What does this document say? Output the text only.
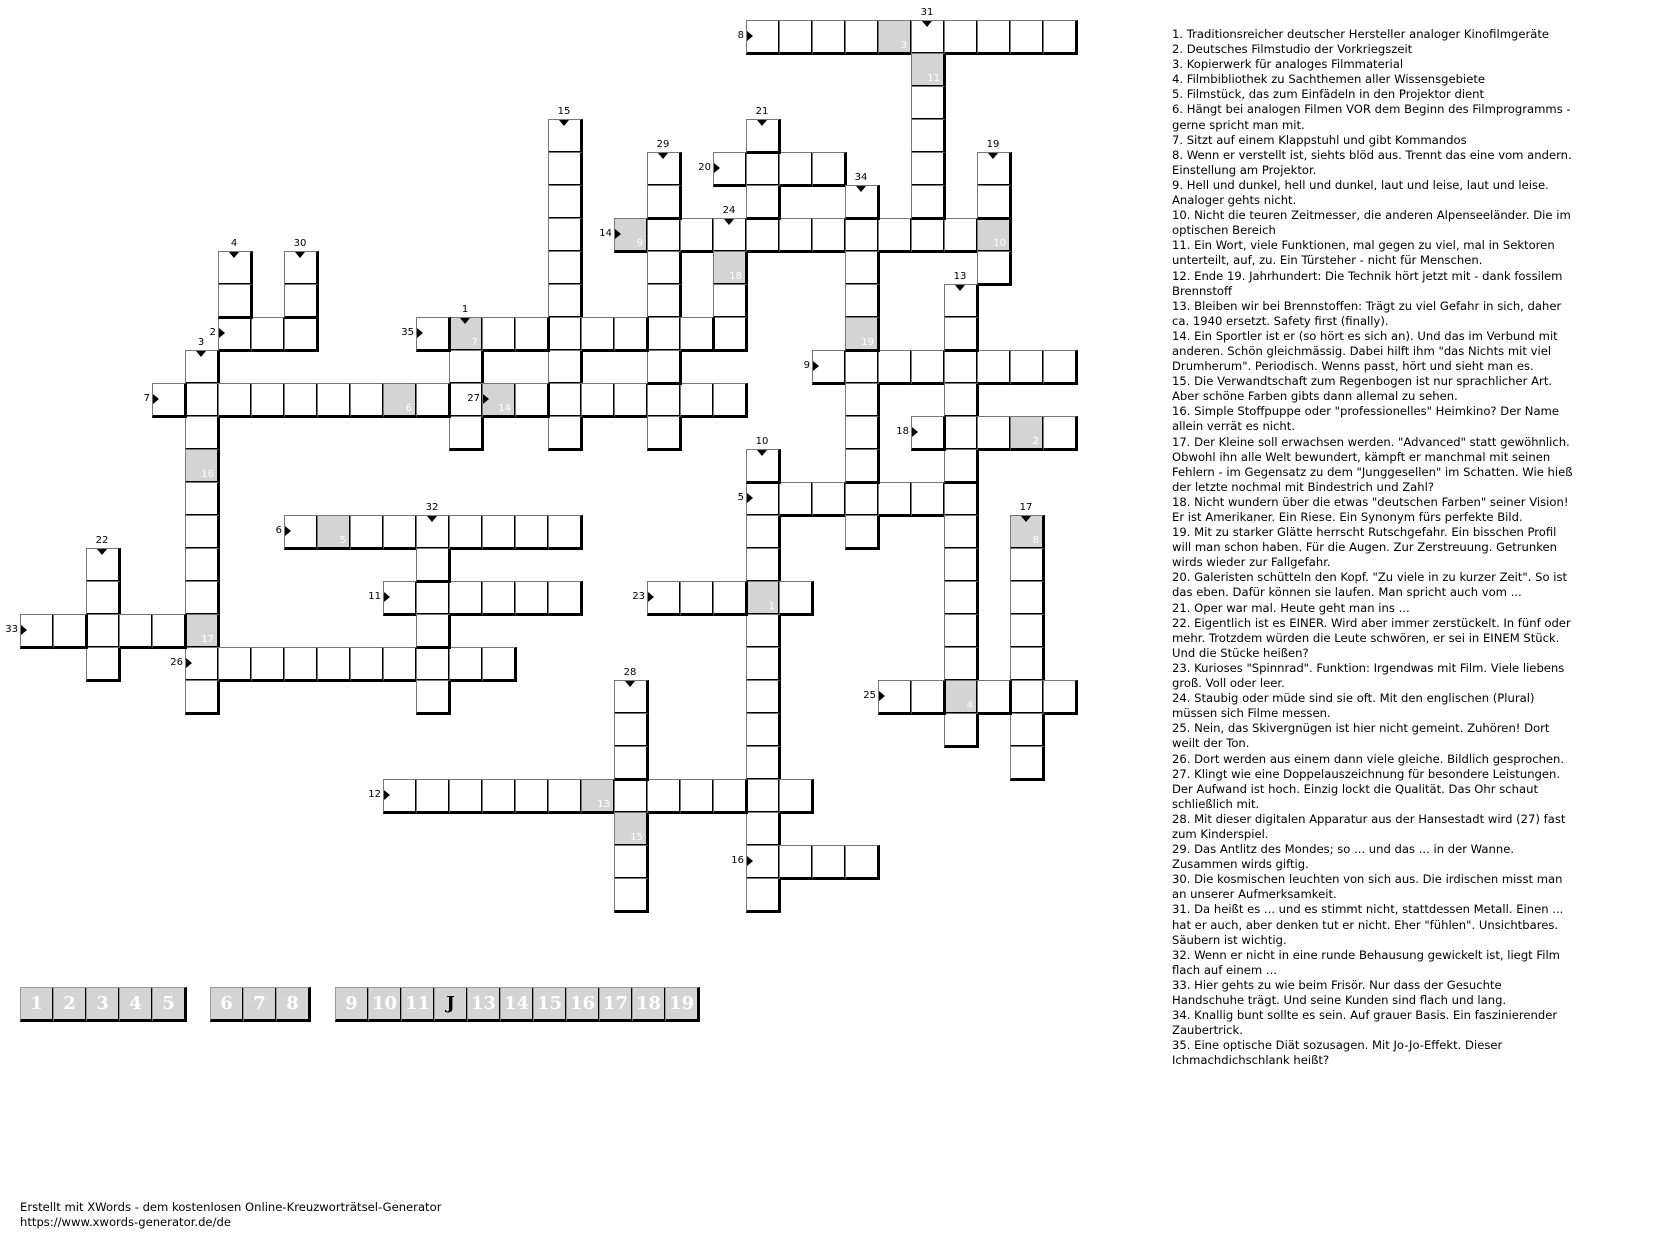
7
16
17
5
6
3
1
13
4
9	10
8
2
18
14
15
11
19
1
2
3
4
5
6
7
8
9
10
11
12
13
14
15
16
17
18
19
20
21
22
23
24
25
26
27
28
29
30
31
32
33
34
35
1	2	3	4	5	6	7	8	9 10 11 J 13 14 15 16 17 18 19
1. Traditionsreicher deutscher Hersteller analoger Kinofilmgeräte
2. Deutsches Filmstudio der Vorkriegszeit
3. Kopierwerk für analoges Filmmaterial
4. Filmbibliothek zu Sachthemen aller Wissensgebiete
5. Filmstück, das zum Einfädeln in den Projektor dient
6. Hängt bei analogen Filmen VOR dem Beginn des Filmprogramms - gerne spricht man mit.
7. Sitzt auf einem Klappstuhl und gibt Kommandos
8. Wenn er verstellt ist, siehts blöd aus. Trennt das eine vom andern. Einstellung am Projektor.
9. Hell und dunkel, hell und dunkel, laut und leise, laut und leise. Analoger gehts nicht.
10. Nicht die teuren Zeitmesser, die anderen Alpenseeländer. Die im optischen Bereich
11. Ein Wort, viele Funktionen, mal gegen zu viel, mal in Sektoren unterteilt, auf, zu. Ein Türsteher - nicht für Menschen.
12. Ende 19. Jahrhundert: Die Technik hört jetzt mit - dank fossilem Brennstoff
13. Bleiben wir bei Brennstoffen: Trägt zu viel Gefahr in sich, daher ca. 1940 ersetzt. Safety first (finally).
14. Ein Sportler ist er (so hört es sich an). Und das im Verbund mit anderen. Schön gleichmässig. Dabei hilft ihm "das Nichts mit viel Drumherum". Periodisch. Wenns passt, hört und sieht man es.
15. Die Verwandtschaft zum Regenbogen ist nur sprachlicher Art. Aber schöne Farben gibts dann allemal zu sehen.
16. Simple Stoffpuppe oder "professionelles" Heimkino? Der Name allein verrät es nicht.
17. Der Kleine soll erwachsen werden. "Advanced" statt gewöhnlich. Obwohl ihn alle Welt bewundert, kämpft er manchmal mit seinen Fehlern - im Gegensatz zu dem "Junggesellen" im Schatten. Wie hieß der letzte nochmal mit Bindestrich und Zahl?
18. Nicht wundern über die etwas "deutschen Farben" seiner Vision! Er ist Amerikaner. Ein Riese. Ein Synonym fürs perfekte Bild.
19. Mit zu starker Glätte herrscht Rutschgefahr. Ein bisschen Profil will man schon haben. Für die Augen. Zur Zerstreuung. Getrunken wirds wieder zur Fallgefahr.
20. Galeristen schütteln den Kopf. "Zu viele in zu kurzer Zeit". So ist das eben. Dafür können sie laufen. Man spricht auch vom ...
21. Oper war mal. Heute geht man ins ...
22. Eigentlich ist es EINER. Wird aber immer zerstückelt. In fünf oder mehr. Trotzdem würden die Leute schwören, er sei in EINEM Stück. Und die Stücke heißen?
23. Kurioses "Spinnrad". Funktion: Irgendwas mit Film. Viele liebens groß. Voll oder leer.
24. Staubig oder müde sind sie oft. Mit den englischen (Plural) müssen sich Filme messen.
25. Nein, das Skivergnügen ist hier nicht gemeint. Zuhören! Dort weilt der Ton.
26. Dort werden aus einem dann viele gleiche. Bildlich gesprochen.
27. Klingt wie eine Doppelauszeichnung für besondere Leistungen. Der Aufwand ist hoch. Einzig lockt die Qualität. Das Ohr schaut schließlich mit.
28. Mit dieser digitalen Apparatur aus der Hansestadt wird (27) fast zum Kinderspiel.
29. Das Antlitz des Mondes; so ... und das ... in der Wanne. Zusammen wirds giftig.
30. Die kosmischen leuchten von sich aus. Die irdischen misst man an unserer Aufmerksamkeit.
31. Da heißt es ... und es stimmt nicht, stattdessen Metall. Einen ... hat er auch, aber denken tut er nicht. Eher "fühlen". Unsichtbares. Säubern ist wichtig.
32. Wenn er nicht in eine runde Behausung gewickelt ist, liegt Film flach auf einem ...
33. Hier gehts zu wie beim Frisör. Nur dass der Gesuchte Handschuhe trägt. Und seine Kunden sind flach und lang.
34. Knallig bunt sollte es sein. Auf grauer Basis. Ein faszinierender Zaubertrick.
35. Eine optische Diät sozusagen. Mit Jo-Jo-Effekt. Dieser Ichmachdichschlank heißt?
Erstellt mit XWords - dem kostenlosen Online-Kreuzworträtsel-Generator
https://www.xwords-generator.de/de
